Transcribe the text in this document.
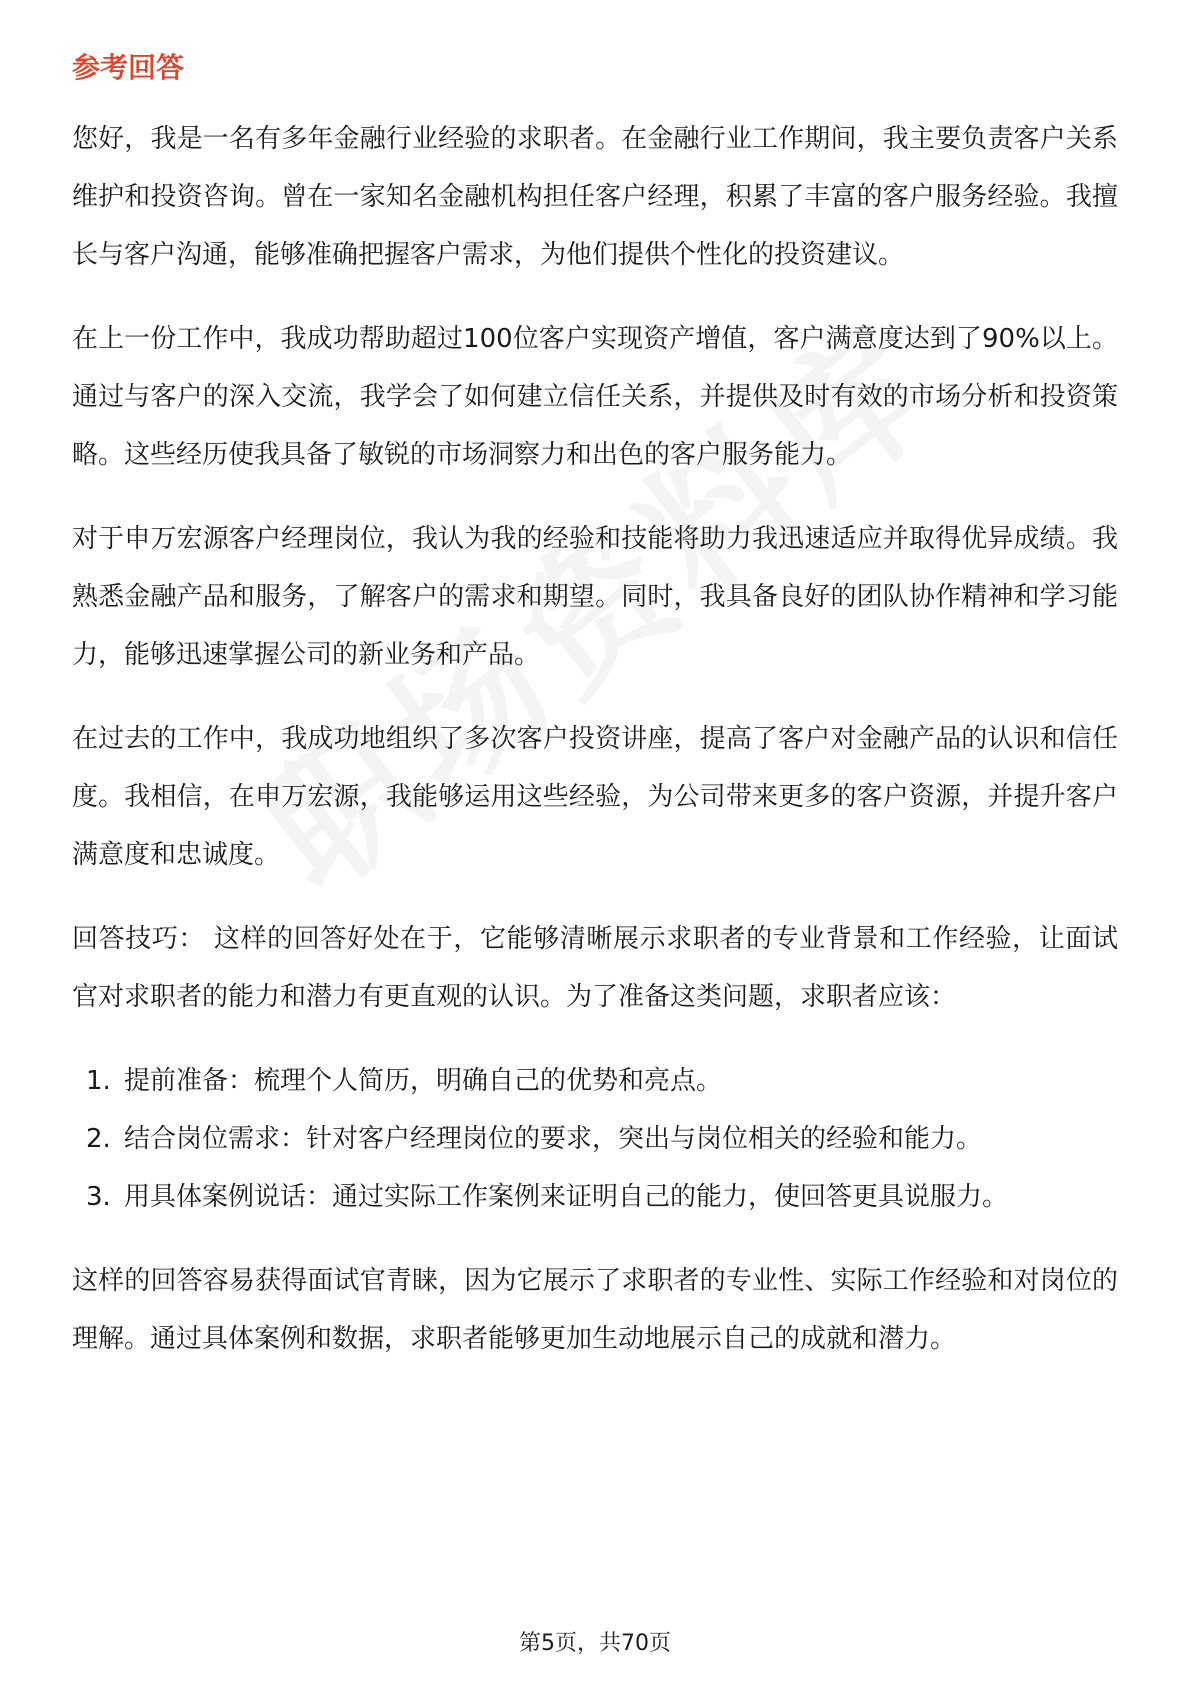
参考回答

您好，我是一名有多年金融行业经验的求职者。在金融行业工作期间，我主要负责客户关系维护和投资咨询。曾在一家知名金融机构担任客户经理，积累了丰富的客户服务经验。我擅长与客户沟通，能够准确把握客户需求，为他们提供个性化的投资建议。

在上一份工作中，我成功帮助超过100位客户实现资产增值，客户满意度达到了90%以上。通过与客户的深入交流，我学会了如何建立信任关系，并提供及时有效的市场分析和投资策略。这些经历使我具备了敏锐的市场洞察力和出色的客户服务能力。

对于申万宏源客户经理岗位，我认为我的经验和技能将助力我迅速适应并取得优异成绩。我熟悉金融产品和服务，了解客户的需求和期望。同时，我具备良好的团队协作精神和学习能力，能够迅速掌握公司的新业务和产品。

在过去的工作中，我成功地组织了多次客户投资讲座，提高了客户对金融产品的认识和信任度。我相信，在申万宏源，我能够运用这些经验，为公司带来更多的客户资源，并提升客户满意度和忠诚度。

回答技巧： 这样的回答好处在于，它能够清晰展示求职者的专业背景和工作经验，让面试官对求职者的能力和潜力有更直观的认识。为了准备这类问题，求职者应该：

1. 提前准备：梳理个人简历，明确自己的优势和亮点。
2. 结合岗位需求：针对客户经理岗位的要求，突出与岗位相关的经验和能力。
3. 用具体案例说话：通过实际工作案例来证明自己的能力，使回答更具说服力。

这样的回答容易获得面试官青睐，因为它展示了求职者的专业性、实际工作经验和对岗位的理解。通过具体案例和数据，求职者能够更加生动地展示自己的成就和潜力。

第5页，共70页
